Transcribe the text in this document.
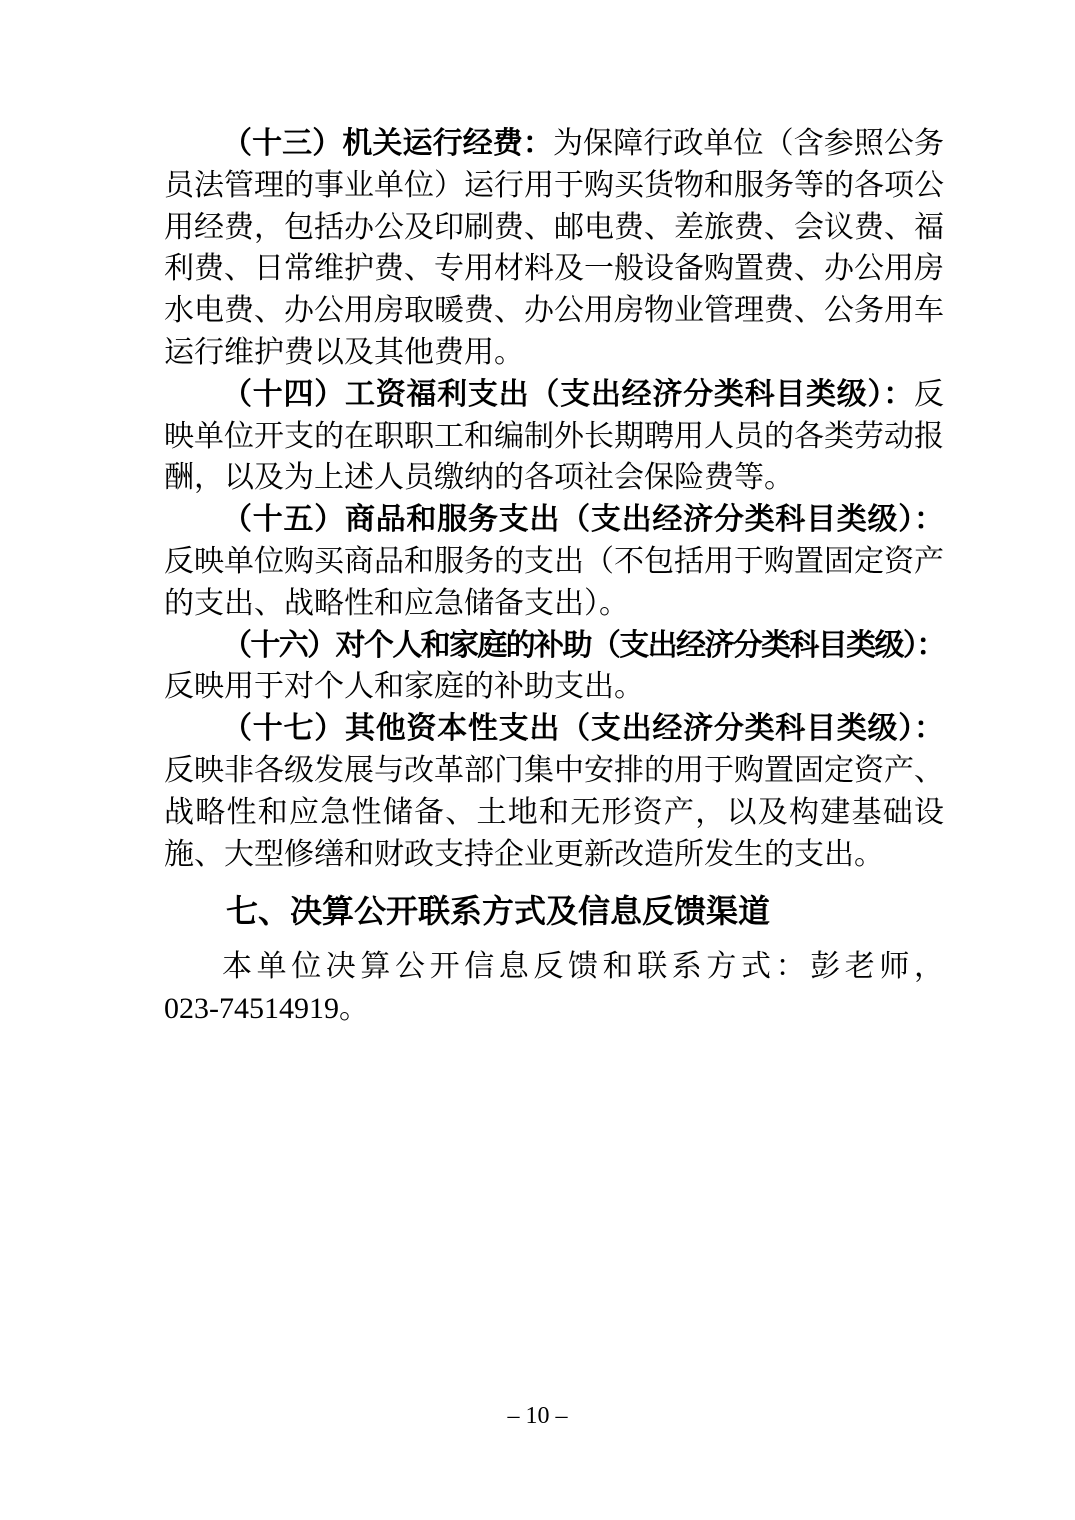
（十三）机关运行经费：为保障行政单位（含参照公务员法管理的事业单位）运行用于购买货物和服务等的各项公用经费，包括办公及印刷费、邮电费、差旅费、会议费、福利费、日常维护费、专用材料及一般设备购置费、办公用房水电费、办公用房取暖费、办公用房物业管理费、公务用车运行维护费以及其他费用。

（十四）工资福利支出（支出经济分类科目类级）：反映单位开支的在职职工和编制外长期聘用人员的各类劳动报酬，以及为上述人员缴纳的各项社会保险费等。

（十五）商品和服务支出（支出经济分类科目类级）：反映单位购买商品和服务的支出（不包括用于购置固定资产的支出、战略性和应急储备支出）。

（十六）对个人和家庭的补助（支出经济分类科目类级）：反映用于对个人和家庭的补助支出。

（十七）其他资本性支出（支出经济分类科目类级）：反映非各级发展与改革部门集中安排的用于购置固定资产、战略性和应急性储备、土地和无形资产，以及构建基础设施、大型修缮和财政支持企业更新改造所发生的支出。

七、决算公开联系方式及信息反馈渠道

本单位决算公开信息反馈和联系方式：彭老师，023-74514919。

– 10 –
